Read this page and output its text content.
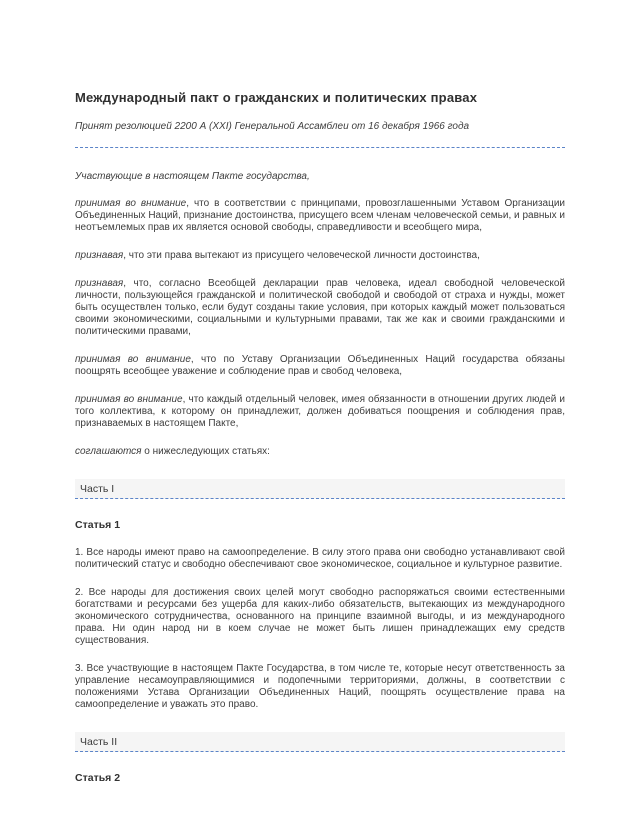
Международный пакт о гражданских и политических правах
Принят резолюцией 2200 А (XXI) Генеральной Ассамблеи от 16 декабря 1966 года
Участвующие в настоящем Пакте государства,

принимая во внимание, что в соответствии с принципами, провозглашенными Уставом Организации Объединенных Наций, признание достоинства, присущего всем членам человеческой семьи, и равных и неотъемлемых прав их является основой свободы, справедливости и всеобщего мира,

признавая, что эти права вытекают из присущего человеческой личности достоинства,

признавая, что, согласно Всеобщей декларации прав человека, идеал свободной человеческой личности, пользующейся гражданской и политической свободой и свободой от страха и нужды, может быть осуществлен только, если будут созданы такие условия, при которых каждый может пользоваться своими экономическими, социальными и культурными правами, так же как и своими гражданскими и политическими правами,

принимая во внимание, что по Уставу Организации Объединенных Наций государства обязаны поощрять всеобщее уважение и соблюдение прав и свобод человека,

принимая во внимание, что каждый отдельный человек, имея обязанности в отношении других людей и того коллектива, к которому он принадлежит, должен добиваться поощрения и соблюдения прав, признаваемых в настоящем Пакте,

соглашаются о нижеследующих статьях:

Часть I
Статья 1

1. Все народы имеют право на самоопределение. В силу этого права они свободно устанавливают свой политический статус и свободно обеспечивают свое экономическое, социальное и культурное развитие.

2. Все народы для достижения своих целей могут свободно распоряжаться своими естественными богатствами и ресурсами без ущерба для каких-либо обязательств, вытекающих из международного экономического сотрудничества, основанного на принципе взаимной выгоды, и из международного права. Ни один народ ни в коем случае не может быть лишен принадлежащих ему средств существования.

3. Все участвующие в настоящем Пакте Государства, в том числе те, которые несут ответственность за управление несамоуправляющимися и подопечными территориями, должны, в соответствии с положениями Устава Организации Объединенных Наций, поощрять осуществление права на самоопределение и уважать это право.

Часть II
Статья 2
